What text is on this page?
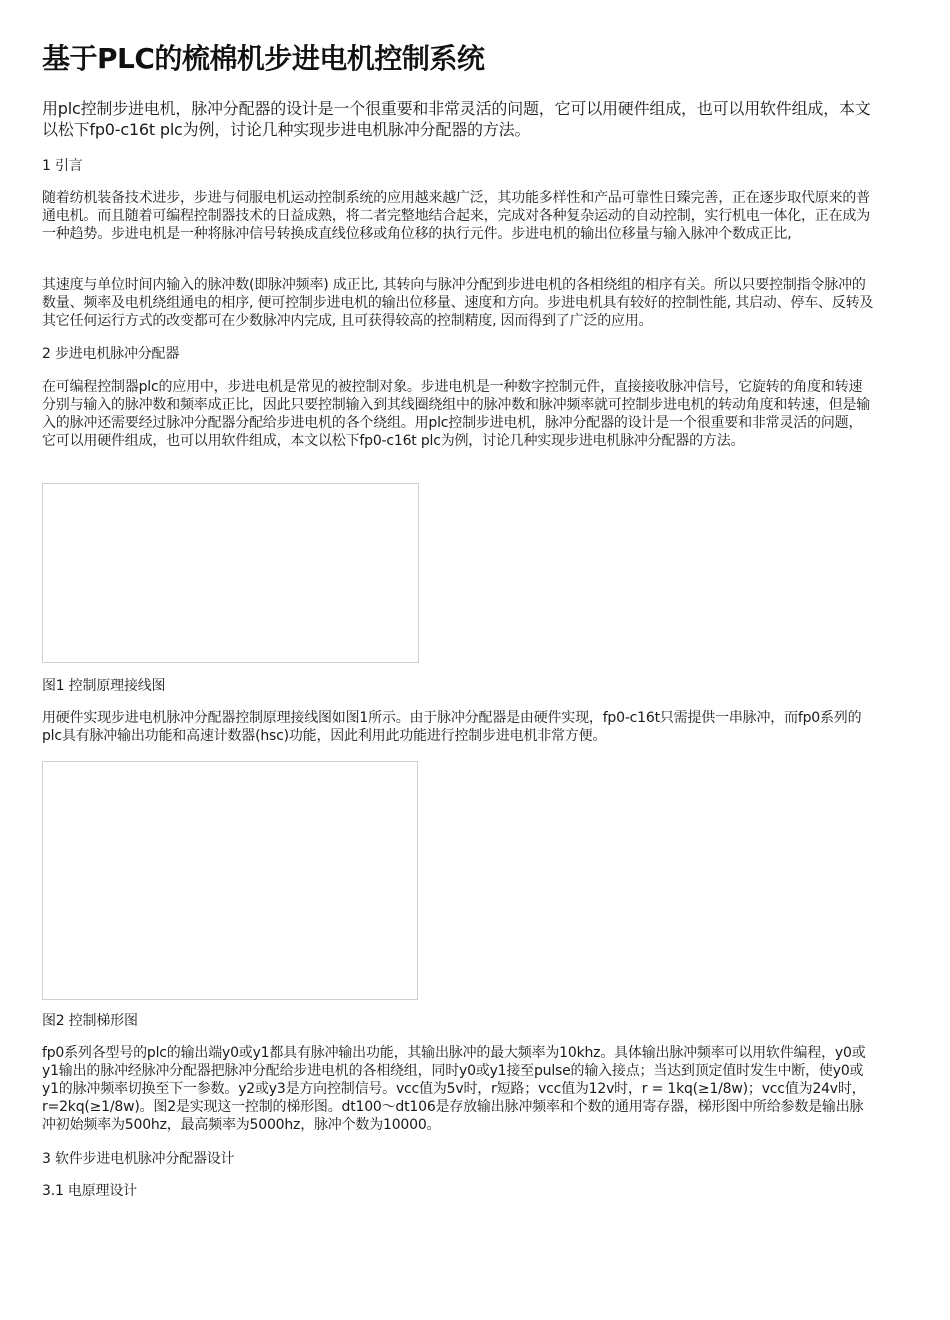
基于PLC的梳棉机步进电机控制系统

用plc控制步进电机，脉冲分配器的设计是一个很重要和非常灵活的问题，它可以用硬件组成，也可以用软件组成，本文以松下fp0-c16t plc为例，讨论几种实现步进电机脉冲分配器的方法。

1 引言

随着纺机装备技术进步，步进与伺服电机运动控制系统的应用越来越广泛，其功能多样性和产品可靠性日臻完善，正在逐步取代原来的普通电机。而且随着可编程控制器技术的日益成熟，将二者完整地结合起来，完成对各种复杂运动的自动控制，实行机电一体化，正在成为一种趋势。步进电机是一种将脉冲信号转换成直线位移或角位移的执行元件。步进电机的输出位移量与输入脉冲个数成正比,

其速度与单位时间内输入的脉冲数(即脉冲频率) 成正比, 其转向与脉冲分配到步进电机的各相绕组的相序有关。所以只要控制指令脉冲的数量、频率及电机绕组通电的相序, 便可控制步进电机的输出位移量、速度和方向。步进电机具有较好的控制性能, 其启动、停车、反转及其它任何运行方式的改变都可在少数脉冲内完成, 且可获得较高的控制精度, 因而得到了广泛的应用。

2 步进电机脉冲分配器

在可编程控制器plc的应用中，步进电机是常见的被控制对象。步进电机是一种数字控制元件，直接接收脉冲信号，它旋转的角度和转速分别与输入的脉冲数和频率成正比，因此只要控制输入到其线圈绕组中的脉冲数和脉冲频率就可控制步进电机的转动角度和转速，但是输入的脉冲还需要经过脉冲分配器分配给步进电机的各个绕组。用plc控制步进电机，脉冲分配器的设计是一个很重要和非常灵活的问题，它可以用硬件组成，也可以用软件组成，本文以松下fp0-c16t plc为例，讨论几种实现步进电机脉冲分配器的方法。

图1 控制原理接线图

用硬件实现步进电机脉冲分配器控制原理接线图如图1所示。由于脉冲分配器是由硬件实现，fp0-c16t只需提供一串脉冲，而fp0系列的plc具有脉冲输出功能和高速计数器(hsc)功能，因此利用此功能进行控制步进电机非常方便。

图2 控制梯形图

fp0系列各型号的plc的输出端y0或y1都具有脉冲输出功能，其输出脉冲的最大频率为10khz。具体输出脉冲频率可以用软件编程，y0或y1输出的脉冲经脉冲分配器把脉冲分配给步进电机的各相绕组，同时y0或y1接至pulse的输入接点；当达到顶定值时发生中断，使y0或y1的脉冲频率切换至下一参数。y2或y3是方向控制信号。vcc值为5v时，r短路；vcc值为12v时，r = 1kq(≥1/8w)；vcc值为24v时，r=2kq(≥1/8w)。图2是实现这一控制的梯形图。dt100～dt106是存放输出脉冲频率和个数的通用寄存器，梯形图中所给参数是输出脉冲初始频率为500hz，最高频率为5000hz，脉冲个数为10000。

3 软件步进电机脉冲分配器设计

3.1 电原理设计
